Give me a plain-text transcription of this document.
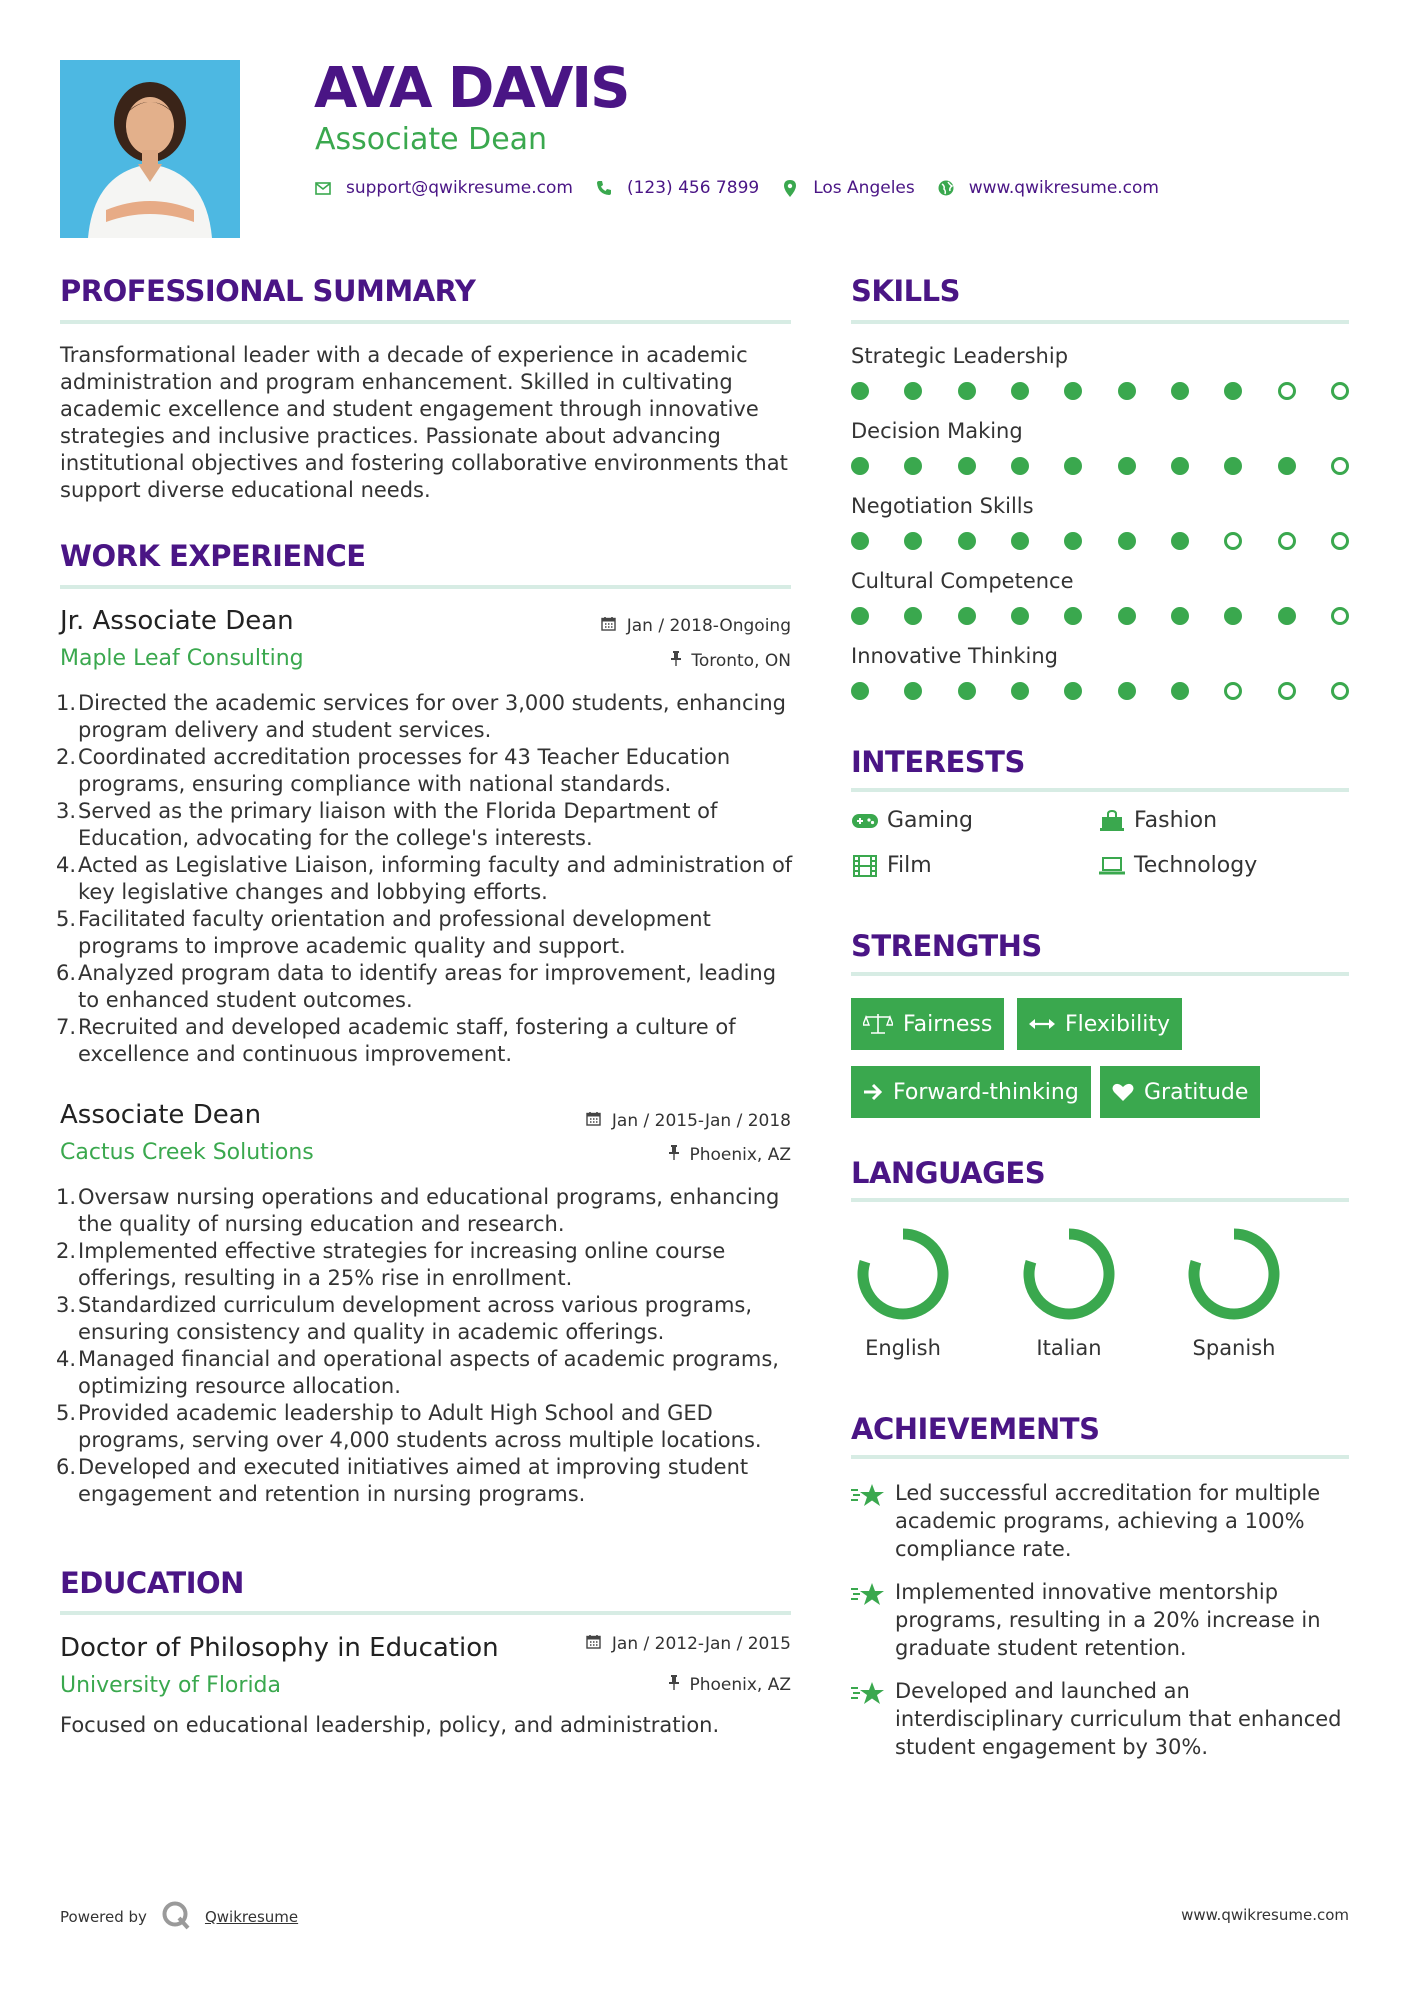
AVA DAVIS
Associate Dean
support@qwikresume.com	(123) 456 7899	Los Angeles	www.qwikresume.com
PROFESSIONAL SUMMARY
Transformational leader with a decade of experience in academic administration and program enhancement. Skilled in cultivating academic excellence and student engagement through innovative strategies and inclusive practices. Passionate about advancing institutional objectives and fostering collaborative environments that support diverse educational needs.
WORK EXPERIENCE
Jr. Associate Dean	Jan / 2018-Ongoing
Maple Leaf Consulting	Toronto, ON
1. Directed the academic services for over 3,000 students, enhancing program delivery and student services.
2. Coordinated accreditation processes for 43 Teacher Education programs, ensuring compliance with national standards.
3. Served as the primary liaison with the Florida Department of Education, advocating for the college's interests.
4. Acted as Legislative Liaison, informing faculty and administration of key legislative changes and lobbying efforts.
5. Facilitated faculty orientation and professional development programs to improve academic quality and support.
6. Analyzed program data to identify areas for improvement, leading to enhanced student outcomes.
7. Recruited and developed academic staff, fostering a culture of excellence and continuous improvement.
Associate Dean	Jan / 2015-Jan / 2018
Cactus Creek Solutions	Phoenix, AZ
1. Oversaw nursing operations and educational programs, enhancing the quality of nursing education and research.
2. Implemented effective strategies for increasing online course offerings, resulting in a 25% rise in enrollment.
3. Standardized curriculum development across various programs, ensuring consistency and quality in academic offerings.
4. Managed financial and operational aspects of academic programs, optimizing resource allocation.
5. Provided academic leadership to Adult High School and GED programs, serving over 4,000 students across multiple locations.
6. Developed and executed initiatives aimed at improving student engagement and retention in nursing programs.
EDUCATION
Doctor of Philosophy in Education	Jan / 2012-Jan / 2015
University of Florida	Phoenix, AZ
Focused on educational leadership, policy, and administration.
SKILLS
Strategic Leadership
Decision Making
Negotiation Skills
Cultural Competence
Innovative Thinking
INTERESTS
Gaming	Fashion
Film	Technology
STRENGTHS
Fairness	Flexibility
Forward-thinking	Gratitude
LANGUAGES
English	Italian	Spanish
ACHIEVEMENTS
Led successful accreditation for multiple academic programs, achieving a 100% compliance rate.
Implemented innovative mentorship programs, resulting in a 20% increase in graduate student retention.
Developed and launched an interdisciplinary curriculum that enhanced student engagement by 30%.
Powered by	Qwikresume	www.qwikresume.com
